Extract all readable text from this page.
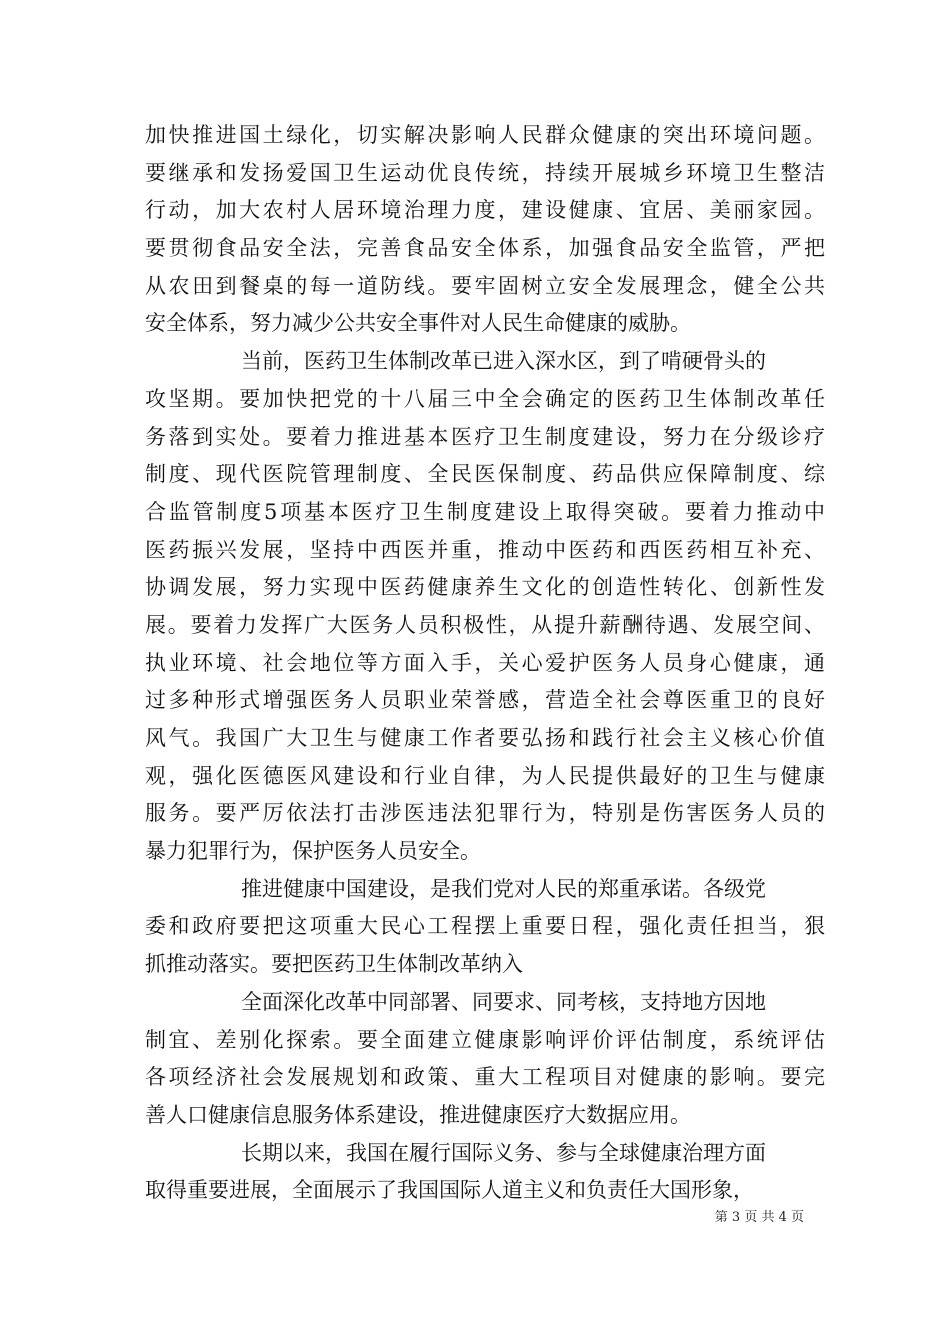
加快推进国土绿化，切实解决影响人民群众健康的突出环境问题。
要继承和发扬爱国卫生运动优良传统，持续开展城乡环境卫生整洁
行动，加大农村人居环境治理力度，建设健康、宜居、美丽家园。
要贯彻食品安全法，完善食品安全体系，加强食品安全监管，严把
从农田到餐桌的每一道防线。要牢固树立安全发展理念，健全公共
安全体系，努力减少公共安全事件对人民生命健康的威胁。
当前，医药卫生体制改革已进入深水区，到了啃硬骨头的
攻坚期。要加快把党的十八届三中全会确定的医药卫生体制改革任
务落到实处。要着力推进基本医疗卫生制度建设，努力在分级诊疗
制度、现代医院管理制度、全民医保制度、药品供应保障制度、综
合监管制度5项基本医疗卫生制度建设上取得突破。要着力推动中
医药振兴发展，坚持中西医并重，推动中医药和西医药相互补充、
协调发展，努力实现中医药健康养生文化的创造性转化、创新性发
展。要着力发挥广大医务人员积极性，从提升薪酬待遇、发展空间、
执业环境、社会地位等方面入手，关心爱护医务人员身心健康，通
过多种形式增强医务人员职业荣誉感，营造全社会尊医重卫的良好
风气。我国广大卫生与健康工作者要弘扬和践行社会主义核心价值
观，强化医德医风建设和行业自律，为人民提供最好的卫生与健康
服务。要严厉依法打击涉医违法犯罪行为，特别是伤害医务人员的
暴力犯罪行为，保护医务人员安全。
推进健康中国建设，是我们党对人民的郑重承诺。各级党
委和政府要把这项重大民心工程摆上重要日程，强化责任担当，狠
抓推动落实。要把医药卫生体制改革纳入
全面深化改革中同部署、同要求、同考核，支持地方因地
制宜、差别化探索。要全面建立健康影响评价评估制度，系统评估
各项经济社会发展规划和政策、重大工程项目对健康的影响。要完
善人口健康信息服务体系建设，推进健康医疗大数据应用。
长期以来，我国在履行国际义务、参与全球健康治理方面
取得重要进展，全面展示了我国国际人道主义和负责任大国形象，
第 3 页 共 4 页
